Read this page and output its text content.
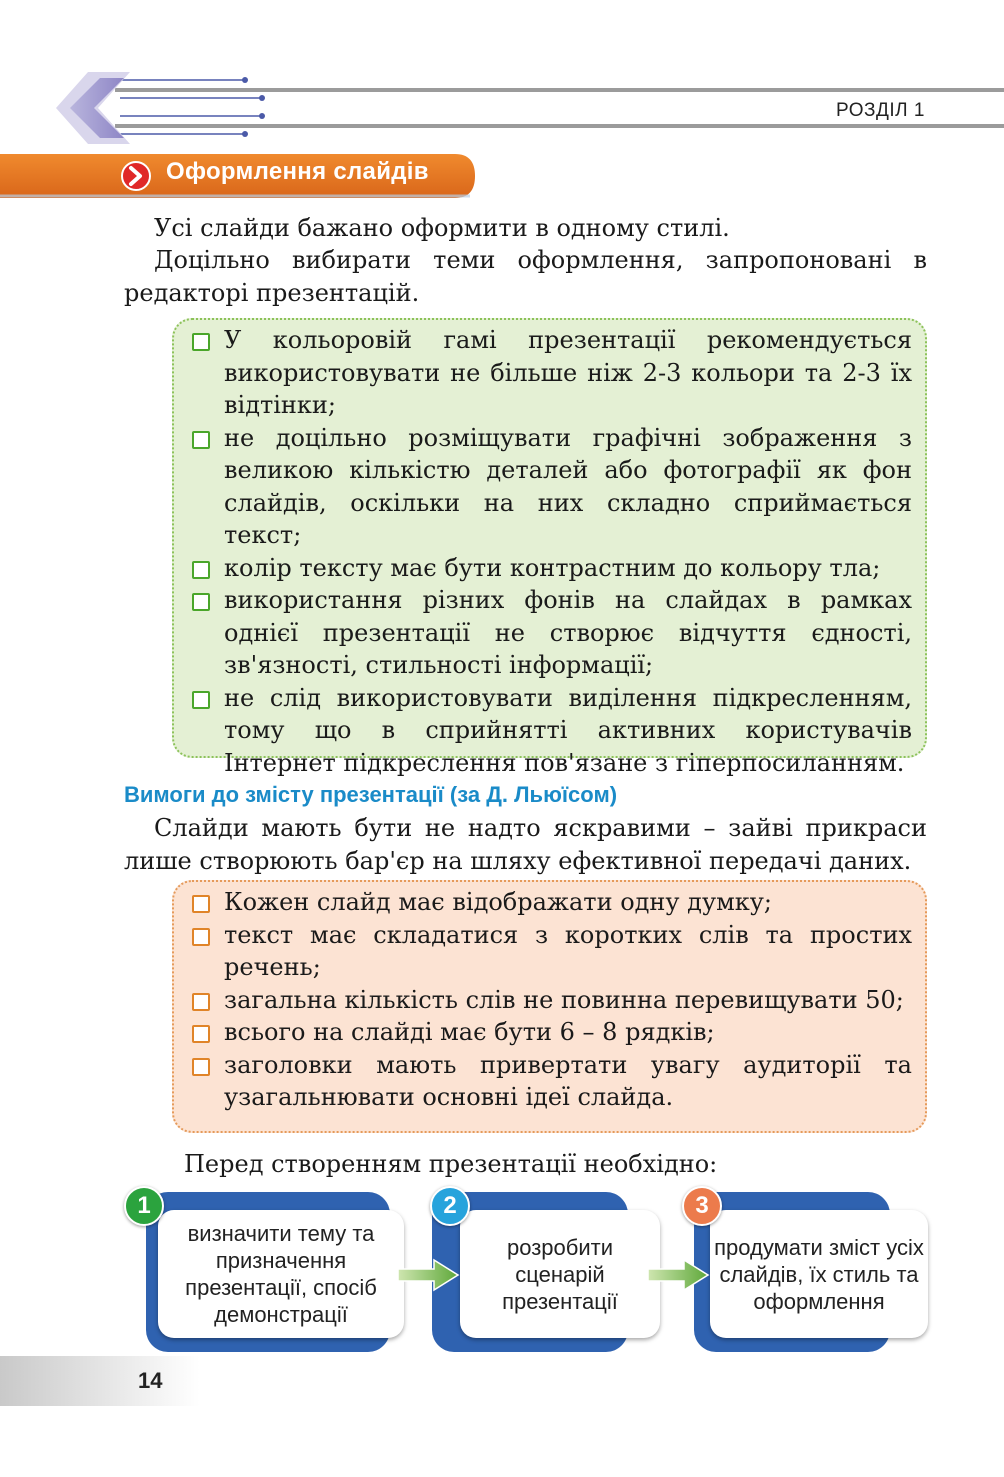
РОЗДІЛ 1
Оформлення слайдів
Усі слайди бажано оформити в одному стилі.
Доцільно вибирати теми оформлення, запропоновані в редакторі презентацій.
У кольоровій гамі презентації рекомендується використовувати не більше ніж 2-3 кольори та 2-3 їх відтінки;
не доцільно розміщувати графічні зображення з великою кількістю деталей або фотографії як фон слайдів, оскільки на них складно сприймається текст;
колір тексту має бути контрастним до кольору тла;
використання різних фонів на слайдах в рамках однієї презентації не створює відчуття єдності, зв'язності, стильності інформації;
не слід використовувати виділення підкресленням, тому що в сприйнятті активних користувачів Інтернет підкреслення пов'язане з гіперпосиланням.
Вимоги до змісту презентації (за Д. Льюїсом)
Слайди мають бути не надто яскравими – зайві прикраси лише створюють бар'єр на шляху ефективної передачі даних.
Кожен слайд має відображати одну думку;
текст має складатися з коротких слів та простих речень;
загальна кількість слів не повинна перевищувати 50;
всього на слайді має бути 6 – 8 рядків;
заголовки мають привертати увагу аудиторії та узагальнювати основні ідеї слайда.
Перед створенням презентації необхідно:
визначити тему та призначення презентації, спосіб демонстрації
1
розробити сценарій презентації
2
продумати зміст усіх слайдів, їх стиль та оформлення
3
14
